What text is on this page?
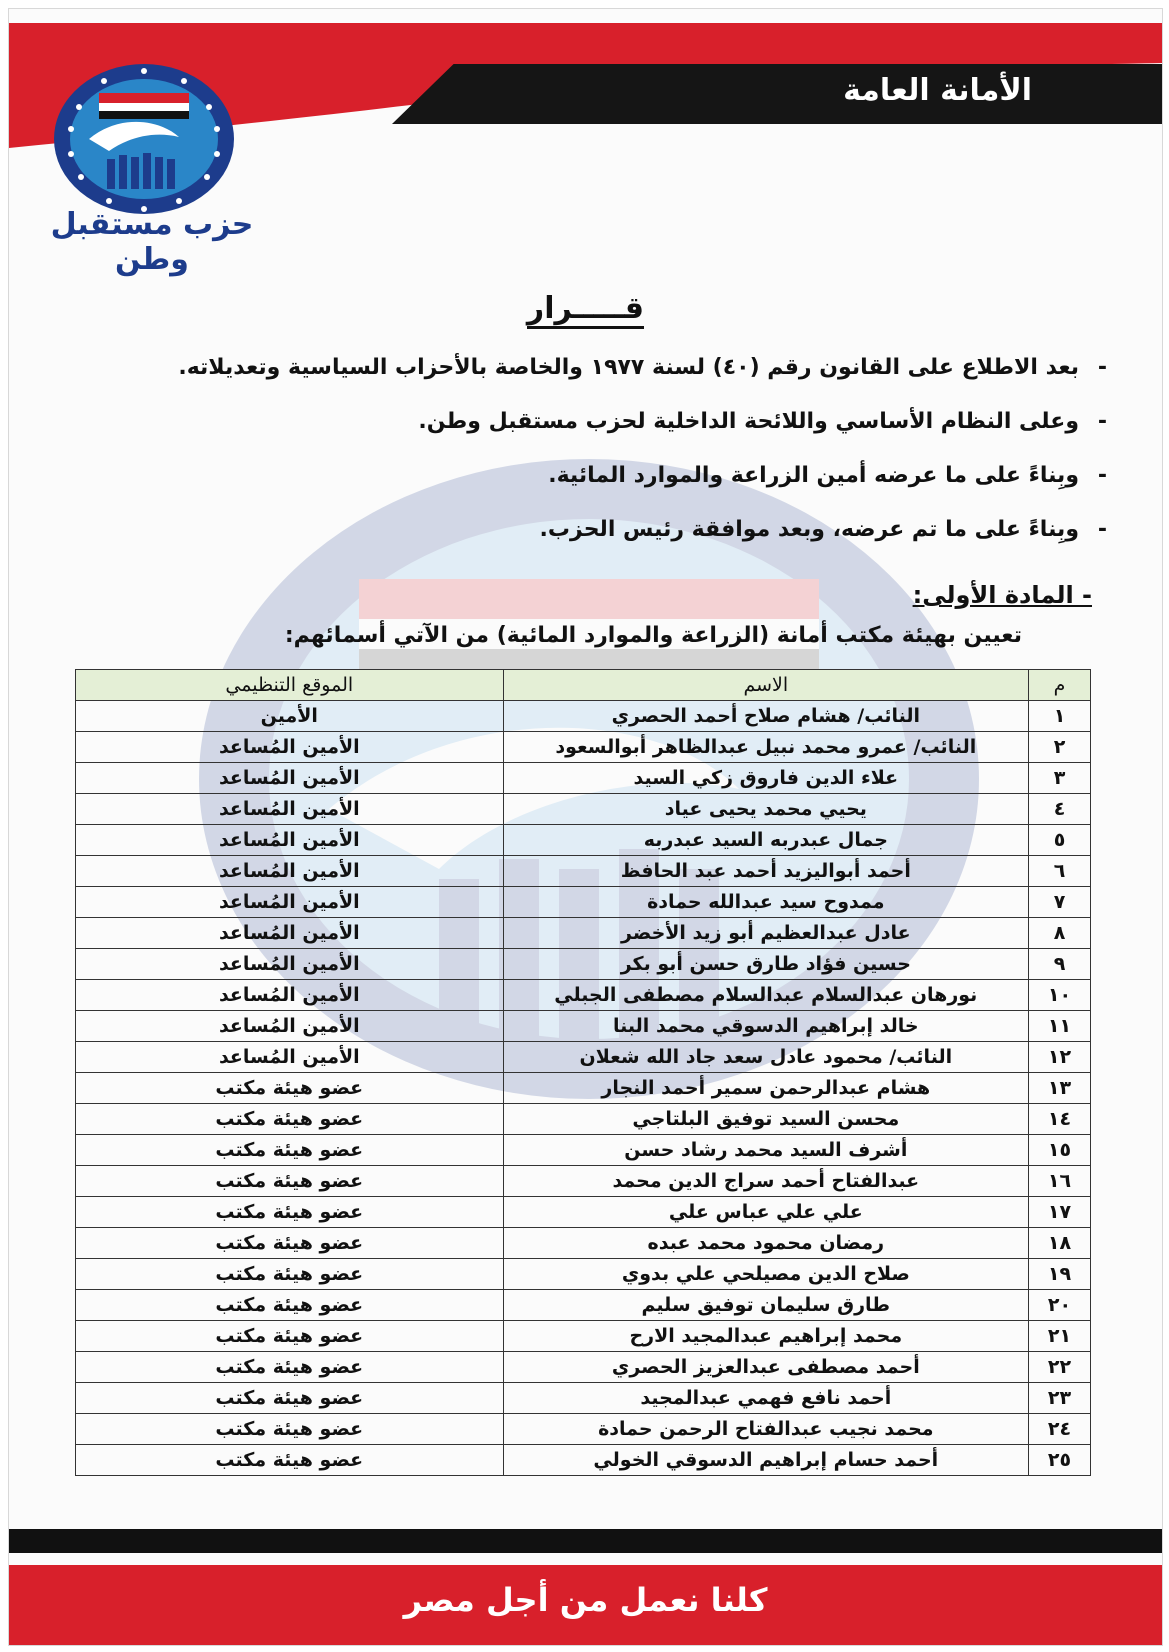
الأمانة العامة
حزب مستقبل وطن
قـــــرار
-بعد الاطلاع على القانون رقم (٤٠) لسنة ١٩٧٧ والخاصة بالأحزاب السياسية وتعديلاته.
-وعلى النظام الأساسي واللائحة الداخلية لحزب مستقبل وطن.
-وبِناءً على ما عرضه أمين الزراعة والموارد المائية.
-وبِناءً على ما تم عرضه، وبعد موافقة رئيس الحزب.
- المادة الأولى:
تعيين بهيئة مكتب أمانة (الزراعة والموارد المائية) من الآتي أسمائهم:
م	الاسم	الموقع التنظيمي
١	النائب/ هشام صلاح أحمد الحصري	الأمين
٢	النائب/ عمرو محمد نبيل عبدالظاهر أبوالسعود	الأمين المُساعد
٣	علاء الدين فاروق زكي السيد	الأمين المُساعد
٤	يحيي محمد يحيى عياد	الأمين المُساعد
٥	جمال عبدربه السيد عبدربه	الأمين المُساعد
٦	أحمد أبواليزيد أحمد عبد الحافظ	الأمين المُساعد
٧	ممدوح سيد عبدالله حمادة	الأمين المُساعد
٨	عادل عبدالعظيم أبو زيد الأخضر	الأمين المُساعد
٩	حسين فؤاد طارق حسن أبو بكر	الأمين المُساعد
١٠	نورهان عبدالسلام عبدالسلام مصطفى الجبلي	الأمين المُساعد
١١	خالد إبراهيم الدسوقي محمد البنا	الأمين المُساعد
١٢	النائب/ محمود عادل سعد جاد الله شعلان	الأمين المُساعد
١٣	هشام عبدالرحمن سمير أحمد النجار	عضو هيئة مكتب
١٤	محسن السيد توفيق البلتاجي	عضو هيئة مكتب
١٥	أشرف السيد محمد رشاد حسن	عضو هيئة مكتب
١٦	عبدالفتاح أحمد سراج الدين محمد	عضو هيئة مكتب
١٧	علي علي عباس علي	عضو هيئة مكتب
١٨	رمضان محمود محمد عبده	عضو هيئة مكتب
١٩	صلاح الدين مصيلحي علي بدوي	عضو هيئة مكتب
٢٠	طارق سليمان توفيق سليم	عضو هيئة مكتب
٢١	محمد إبراهيم عبدالمجيد الارح	عضو هيئة مكتب
٢٢	أحمد مصطفى عبدالعزيز الحصري	عضو هيئة مكتب
٢٣	أحمد نافع فهمي عبدالمجيد	عضو هيئة مكتب
٢٤	محمد نجيب عبدالفتاح الرحمن حمادة	عضو هيئة مكتب
٢٥	أحمد حسام إبراهيم الدسوقي الخولي	عضو هيئة مكتب
كلنا نعمل من أجل مصر
